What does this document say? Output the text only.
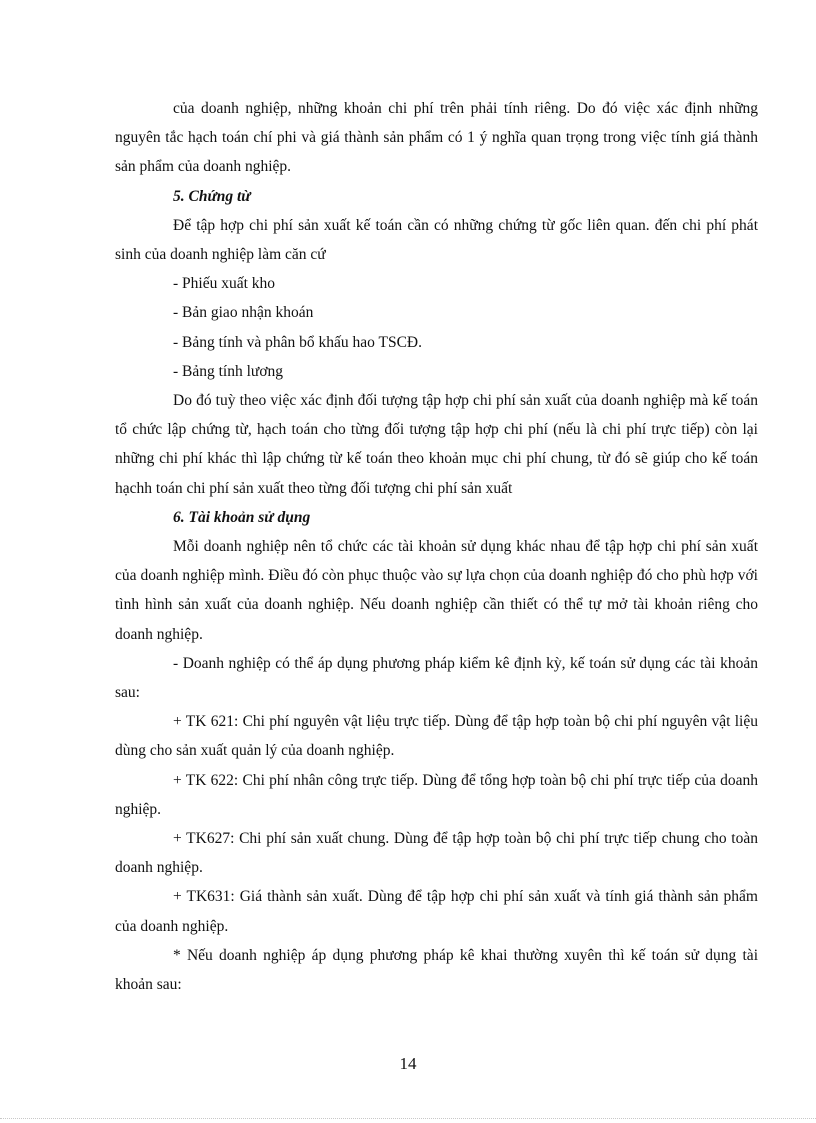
của doanh nghiệp, những khoản chi phí trên phải tính riêng. Do đó việc xác định những nguyên tắc hạch toán chí phi và giá thành sản phẩm có 1 ý nghĩa quan trọng trong việc tính giá thành sản phẩm của doanh nghiệp.

5. Chứng từ

Để tập hợp chi phí sản xuất kế toán cần có những chứng từ gốc liên quan. đến chi phí phát sinh của doanh nghiệp làm căn cứ

- Phiếu xuất kho

- Bản giao nhận khoán

- Bảng tính và phân bổ khấu hao TSCĐ.

- Bảng tính lương

Do đó tuỳ theo việc xác định đối tượng tập hợp chi phí sản xuất của doanh nghiệp mà kế toán tổ chức lập chứng từ, hạch toán cho từng đối tượng tập hợp chi phí (nếu là chi phí trực tiếp) còn lại những chi phí khác thì lập chứng từ kế toán theo khoản mục chi phí chung, từ đó sẽ giúp cho kế toán hạchh toán chi phí sản xuất theo từng đối tượng chi phí sản xuất

6. Tài khoản sử dụng

Mỗi doanh nghiệp nên tổ chức các tài khoản sử dụng khác nhau để tập hợp chi phí sản xuất của doanh nghiệp mình. Điều đó còn phục thuộc vào sự lựa chọn của doanh nghiệp đó cho phù hợp với tình hình sản xuất của doanh nghiệp. Nếu doanh nghiệp cần thiết có thể tự mở tài khoản riêng cho doanh nghiệp.

- Doanh nghiệp có thể áp dụng phương pháp kiểm kê định kỳ, kế toán sử dụng các tài khoản sau:

+ TK 621: Chi phí nguyên vật liệu trực tiếp. Dùng để tập hợp toàn bộ chi phí nguyên vật liệu dùng cho sản xuất quản lý của doanh nghiệp.

+ TK 622: Chi phí nhân công trực tiếp. Dùng để tổng hợp toàn bộ chi phí trực tiếp của doanh nghiệp.

+ TK627: Chi phí sản xuất chung. Dùng để tập hợp toàn bộ chi phí trực tiếp chung cho toàn doanh nghiệp.

+ TK631: Giá thành sản xuất. Dùng để tập hợp chi phí sản xuất và tính giá thành sản phẩm của doanh nghiệp.

* Nếu doanh nghiệp áp dụng phương pháp kê khai thường xuyên thì kế toán sử dụng tài khoản sau:

14
